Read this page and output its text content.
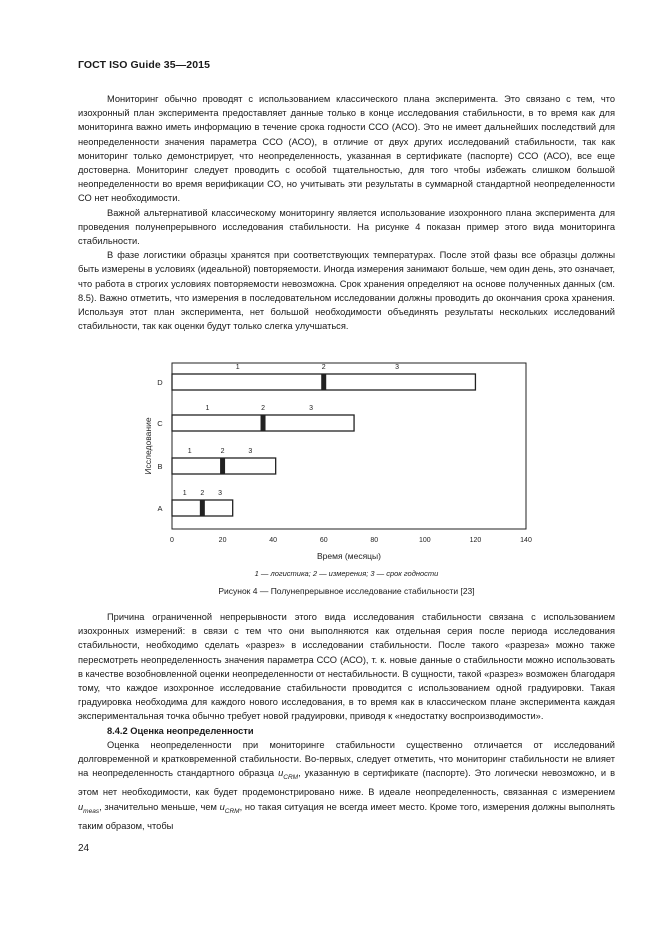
ГОСТ ISO Guide 35—2015

Мониторинг обычно проводят с использованием классического плана эксперимента. Это связано с тем, что изохронный план эксперимента предоставляет данные только в конце исследования стабильности, в то время как для мониторинга важно иметь информацию в течение срока годности ССО (АСО). Это не имеет дальнейших последствий для неопределенности значения параметра ССО (АСО), в отличие от двух других исследований стабильности, так как мониторинг только демонстрирует, что неопределенность, указанная в сертификате (паспорте) ССО (АСО), все еще достоверна. Мониторинг следует проводить с особой тщательностью, для того чтобы избежать слишком большой неопределенности во время верификации СО, но учитывать эти результаты в суммарной стандартной неопределенности СО нет необходимости.

Важной альтернативой классическому мониторингу является использование изохронного плана эксперимента для проведения полунепрерывного исследования стабильности. На рисунке 4 показан пример этого вида мониторинга стабильности.

В фазе логистики образцы хранятся при соответствующих температурах. После этой фазы все образцы должны быть измерены в условиях (идеальной) повторяемости. Иногда измерения занимают больше, чем один день, это означает, что работа в строгих условиях повторяемости невозможна. Срок хранения определяют на основе полученных данных (см. 8.5). Важно отметить, что измерения в последовательном исследовании должны проводить до окончания срока хранения. Используя этот план эксперимента, нет большой необходимости объединять результаты нескольких исследований стабильности, так как оценки будут только слегка улучшаться.

0	20	40	60	80	100	120	140
Время (месяцы)
Исследование
A
1 2 3
B
1	2	3
C
1	2	3
D
1	2	3
1 — логистика; 2 — измерения; 3 — срок годности
Рисунок 4 — Полунепрерывное исследование стабильности [23]

Причина ограниченной непрерывности этого вида исследования стабильности связана с использованием изохронных измерений: в связи с тем что они выполняются как отдельная серия после периода исследования стабильности, необходимо сделать «разрез» в исследовании стабильности. После такого «разреза» можно также пересмотреть неопределенность значения параметра ССО (АСО), т. к. новые данные о стабильности можно использовать в качестве возобновленной оценки неопределенности от нестабильности. В сущности, такой «разрез» возможен благодаря тому, что каждое изохронное исследование стабильности проводится с использованием одной градуировки. Такая градуировка необходима для каждого нового исследования, в то время как в классическом плане эксперимента каждая экспериментальная точка обычно требует новой градуировки, приводя к «недостатку воспроизводимости».

8.4.2 Оценка неопределенности

Оценка неопределенности при мониторинге стабильности существенно отличается от исследований долговременной и кратковременной стабильности. Во-первых, следует отметить, что мониторинг стабильности не влияет на неопределенность стандартного образца $u_{CRM}$, указанную в сертификате (паспорте). Это логически невозможно, и в этом нет необходимости, как будет продемонстрировано ниже. В идеале неопределенность, связанная с измерением $u_{meas}$, значительно меньше, чем $u_{CRM}$, но такая ситуация не всегда имеет место. Кроме того, измерения должны выполнять таким образом, чтобы

24
